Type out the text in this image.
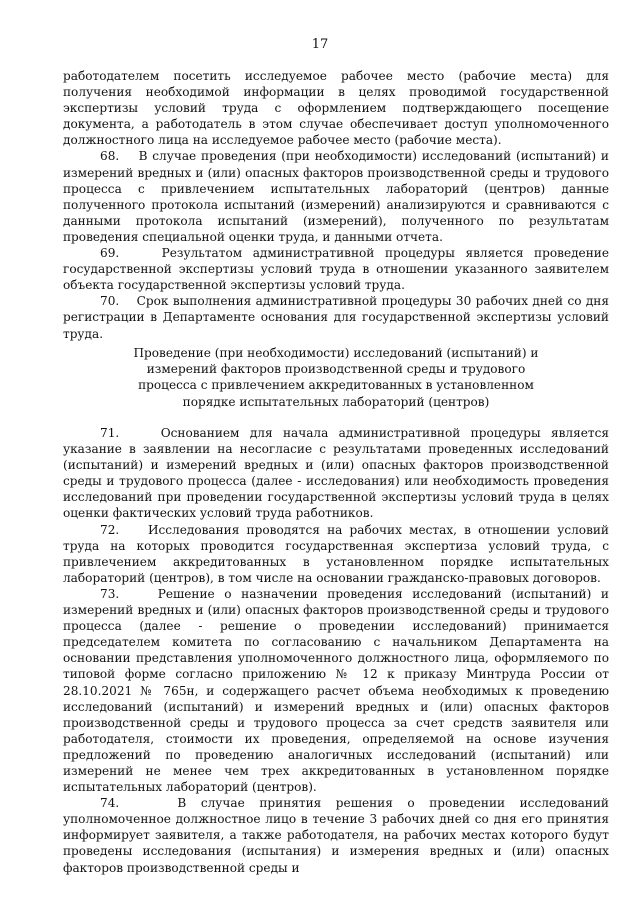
17

работодателем посетить исследуемое рабочее место (рабочие места) для получения необходимой информации в целях проводимой государственной экспертизы условий труда с оформлением подтверждающего посещение документа, а работодатель в этом случае обеспечивает доступ уполномоченного должностного лица на исследуемое рабочее место (рабочие места).

68.    В случае проведения (при необходимости) исследований (испытаний) и измерений вредных и (или) опасных факторов производственной среды и трудового процесса с привлечением испытательных лабораторий (центров) данные полученного протокола испытаний (измерений) анализируются и сравниваются с данными протокола испытаний (измерений), полученного по результатам проведения специальной оценки труда, и данными отчета.

69.    Результатом административной процедуры является проведение государственной экспертизы условий труда в отношении указанного заявителем объекта государственной экспертизы условий труда.

70.    Срок выполнения административной процедуры 30 рабочих дней со дня регистрации в Департаменте основания для государственной экспертизы условий труда.

Проведение (при необходимости) исследований (испытаний) и
измерений факторов производственной среды и трудового
процесса с привлечением аккредитованных в установленном
порядке испытательных лабораторий (центров)

71.    Основанием для начала административной процедуры является указание в заявлении на несогласие с результатами проведенных исследований (испытаний) и измерений вредных и (или) опасных факторов производственной среды и трудового процесса (далее - исследования) или необходимость проведения исследований при проведении государственной экспертизы условий труда в целях оценки фактических условий труда работников.

72.    Исследования проводятся на рабочих местах, в отношении условий труда на которых проводится государственная экспертиза условий труда, с привлечением аккредитованных в установленном порядке испытательных лабораторий (центров), в том числе на основании гражданско-правовых договоров.

73.    Решение о назначении проведения исследований (испытаний) и измерений вредных и (или) опасных факторов производственной среды и трудового процесса (далее - решение о проведении исследований) принимается председателем комитета по согласованию с начальником Департамента на основании представления уполномоченного должностного лица, оформляемого по типовой форме согласно приложению № 12 к приказу Минтруда России от 28.10.2021 № 765н, и содержащего расчет объема необходимых к проведению исследований (испытаний) и измерений вредных и (или) опасных факторов производственной среды и трудового процесса за счет средств заявителя или работодателя, стоимости их проведения, определяемой на основе изучения предложений по проведению аналогичных исследований (испытаний) или измерений не менее чем трех аккредитованных в установленном порядке испытательных лабораторий (центров).

74.    В случае принятия решения о проведении исследований уполномоченное должностное лицо в течение 3 рабочих дней со дня его принятия информирует заявителя, а также работодателя, на рабочих местах которого будут проведены исследования (испытания) и измерения вредных и (или) опасных факторов производственной среды и
